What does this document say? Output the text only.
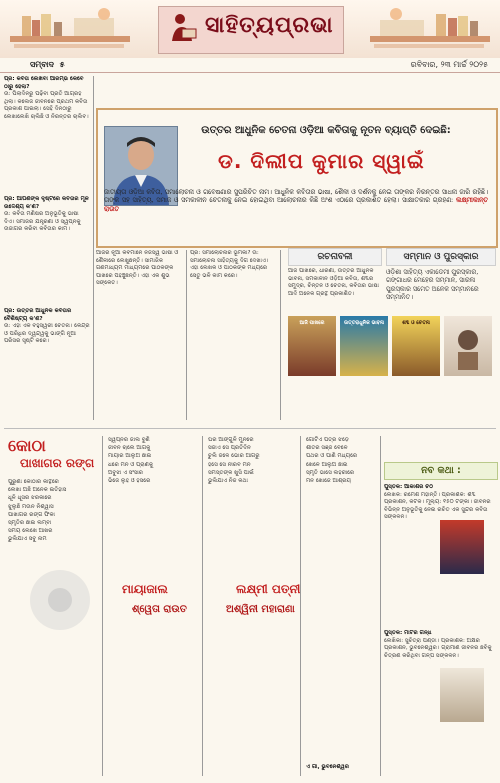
ସାହିତ୍ୟପ୍ରଭା
ସମ୍ବାଦ ୫	ରବିବାର, ୨୩ ମାର୍ଚ୍ଚ ୨୦୨୫
ପ୍ର: କବିତା ଲେଖିବା ଆରମ୍ଭ କେବେ ଠାରୁ ହେଲା?
ଉ: ପିଲାଦିନରୁ ପଢ଼ିବା ପ୍ରତି ଆଗ୍ରହ ଥିଲା। କଲେଜ ଜୀବନରେ ପ୍ରଥମ କବିତା ପ୍ରକାଶ ପାଇଲା। ସେହି ଦିନଠାରୁ ଲେଖାଲେଖି ଚାଲିଛି ଓ ନିରନ୍ତର ଚାଲିବ।
ପ୍ର: ଆପଣଙ୍କ ଦୃଷ୍ଟିରେ କବିତାର ମୂଳ ଉଦ୍ଦେଶ୍ୟ କ'ଣ?
ଉ: କବିତା ମଣିଷର ଅନୁଭୂତିକୁ ଭାଷା ଦିଏ। ସମାଜର ଯନ୍ତ୍ରଣା ଓ ସ୍ୱପ୍ନକୁ ଉଜାଗର କରିବା କବିତାର କାମ।
ପ୍ର: ଉତ୍ତର ଆଧୁନିକ କବିତାର ବୈଶିଷ୍ଟ୍ୟ କ'ଣ?
ଉ: ଏହା ଏକ ବହୁସ୍ୱରୀ ଚେତନା। କେନ୍ଦ୍ର ଓ ପରିଧିର ଦ୍ୱନ୍ଦ୍ୱକୁ ଭାଙ୍ଗି ନୂଆ ପରିସର ସୃଷ୍ଟି କରେ।
ଉତ୍ତର ଆଧୁନିକ ଚେତନା ଓଡ଼ିଆ କବିତାକୁ ନୂତନ ବ୍ୟାପ୍ତି ଦେଇଛି:
ଡ. ଦିଲୀପ କୁମାର ସ୍ୱାଇଁ
ଜାତୀୟତା ଓଡ଼ିଆ କବିତା, ସମାଲୋଚନା ଓ ଗବେଷଣାର ସୁପରିଚିତ ନାମ। ଆଧୁନିକ କବିତାର ଭାଷା, ଶୈଳୀ ଓ ଦର୍ଶନକୁ ନେଇ ତାଙ୍କର ନିରନ୍ତର ସାଧନା ଜାରି ରହିଛି। ତାଙ୍କ ସହ ସାହିତ୍ୟ, ସମାଜ ଓ ସମକାଳୀନ ଚେତନାକୁ ନେଇ ହୋଇଥିବା ଆଲୋଚନାର କିଛି ଅଂଶ ଏଠାରେ ପ୍ରକାଶିତ ହେଲା। ସାକ୍ଷାତକାର ଗ୍ରହଣ: ଲକ୍ଷ୍ମୀକାନ୍ତ ରାଉତ
ଆଜିର ନୂଆ କବିମାନେ ନିଜସ୍ୱ ଭାଷା ଓ ଶୈଳୀରେ ଲେଖୁଛନ୍ତି। ସାମାଜିକ ଗଣମାଧ୍ୟମ ମାଧ୍ୟମରେ ପାଠକଙ୍କ ପାଖରେ ପହଞ୍ଚୁଛନ୍ତି। ଏହା ଏକ ଶୁଭ ସଙ୍କେତ।
ପ୍ର: ସମାଲୋଚନାର ଭୂମିକା? ଉ: ସମାଲୋଚନା ସାହିତ୍ୟକୁ ଦିଗ ଦେଖାଏ। ଏହା ଲେଖକ ଓ ପାଠକଙ୍କ ମଧ୍ୟରେ ସେତୁ ଭଳି କାମ କରେ।
ରଚନାବଳୀ
ଆଜି ପାଖରେ, ଧାରଣା, ଉତ୍ତର ଆଧୁନିକ ଭାବନା, ସମକାଳୀନ ଓଡ଼ିଆ କବିତା, ଶବ୍ଦର ସମୁଦ୍ର, ଚିନ୍ତନ ଓ ଚେତନା, କବିତାର ଭାଷା ଆଦି ଅନେକ ଗ୍ରନ୍ଥ ପ୍ରକାଶିତ।
ସମ୍ମାନ ଓ ପୁରସ୍କାର
ଓଡ଼ିଶା ସାହିତ୍ୟ ଏକାଡେମୀ ପୁରସ୍କାର, ଗଙ୍ଗାଧର ମେହେର ସମ୍ମାନ, ସାରଳା ପୁରସ୍କାର ସମେତ ଅନେକ ସମ୍ମାନରେ ସମ୍ମାନିତ।
ଆଜି ପାଖରେ	ଉତ୍ତରାଧୁନିକ ଭାବନା	ଶବ୍ଦ ଓ ଚେତନା
କୋଠା
ପାଖାଗର ରଙ୍ଗ
ପୁରୁଣା କୋଠାର କାନ୍ଥରେ
ଲେଖା ଅଛି ଅନେକ ଇତିହାସ
ଧୂଳି ଧୂସର ଝରକାରେ
ଝୁଲୁଛି ମଉନ ନିଶ୍ୱାସ
ପାଖାଗର ରଙ୍ଗ ଫିକା
ସ୍ମୃତିର ଛାଇ ଲମ୍ବା
ସମୟ ଲେଖେ ଆଖର
ଭୁଲିଯାଏ ସବୁ ନାମ
ସ୍ୱପ୍ନର ଜାଲ ବୁଣି
ଜୀବନ ଚାଲେ ଆଗକୁ
ମାୟାର ଆଲୁଅ ଛାଇ
ଧରେ ମନ ଓ ପ୍ରାଣକୁ
ଅବୁଝା ଏ ସଂସାର
ଭିଜେ ଲୁହ ଓ ହସରେ
ମାୟାଜାଲ
ଶ୍ୱେତା ରାଉତ
ଘର ଆଙ୍ଗୁଳି ମୁନରେ
ସଜାଏ ସେ ପ୍ରତିଦିନ
ଚୁଲି ଜଳେ ଭୋର ଆଗରୁ
ହସେ ସେ ନୀରବ ମନ
ସମସ୍ତଙ୍କ ଖୁସି ପାଇଁ
ଭୁଲିଯାଏ ନିଜ କଥା
ଲକ୍ଷ୍ମୀ ପତ୍ନୀ
ଅଶ୍ୱିନୀ ମହାରାଣା
ଗୋଟିଏ ପତ୍ର ଝଡ଼େ
ଶୀତର ସଞ୍ଜ ବେଳେ
ପଥର ଓ ପାଣି ମଧ୍ୟରେ
ଖେଳେ ଆଲୁଅ ଛାଇ
ସ୍ମୃତି ଭାସେ ଲହରୀରେ
ମନ ଖୋଜେ ଆଶ୍ରୟ
ଏ ଗାଁ, ଭୁବନେଶ୍ୱର
ନବ କଥା :
ପୁସ୍ତକ: ଆକାଶର ଚିଠି
ଲେଖକ: ରମେଶ ମହାନ୍ତି। ପ୍ରକାଶକ: ଶବ୍ଦ ପ୍ରକାଶନ, କଟକ। ମୂଲ୍ୟ: ୧୫୦ ଟଙ୍କା। ଜୀବନର ବିଭିନ୍ନ ଅନୁଭୂତିକୁ ନେଇ ରଚିତ ଏକ ସୁନ୍ଦର କବିତା ସଙ୍କଳନ।
ପୁସ୍ତକ: ମାଟିର ଗନ୍ଧ
ଲେଖିକା: ସୁଚିତ୍ରା ପଣ୍ଡା। ପ୍ରକାଶକ: ଅକ୍ଷର ପ୍ରକାଶନ, ଭୁବନେଶ୍ୱର। ଗ୍ରାମୀଣ ଜୀବନର ଛବିକୁ ଚିତ୍ରଣ କରିଥିବା ଗଳ୍ପ ସଙ୍କଳନ।
